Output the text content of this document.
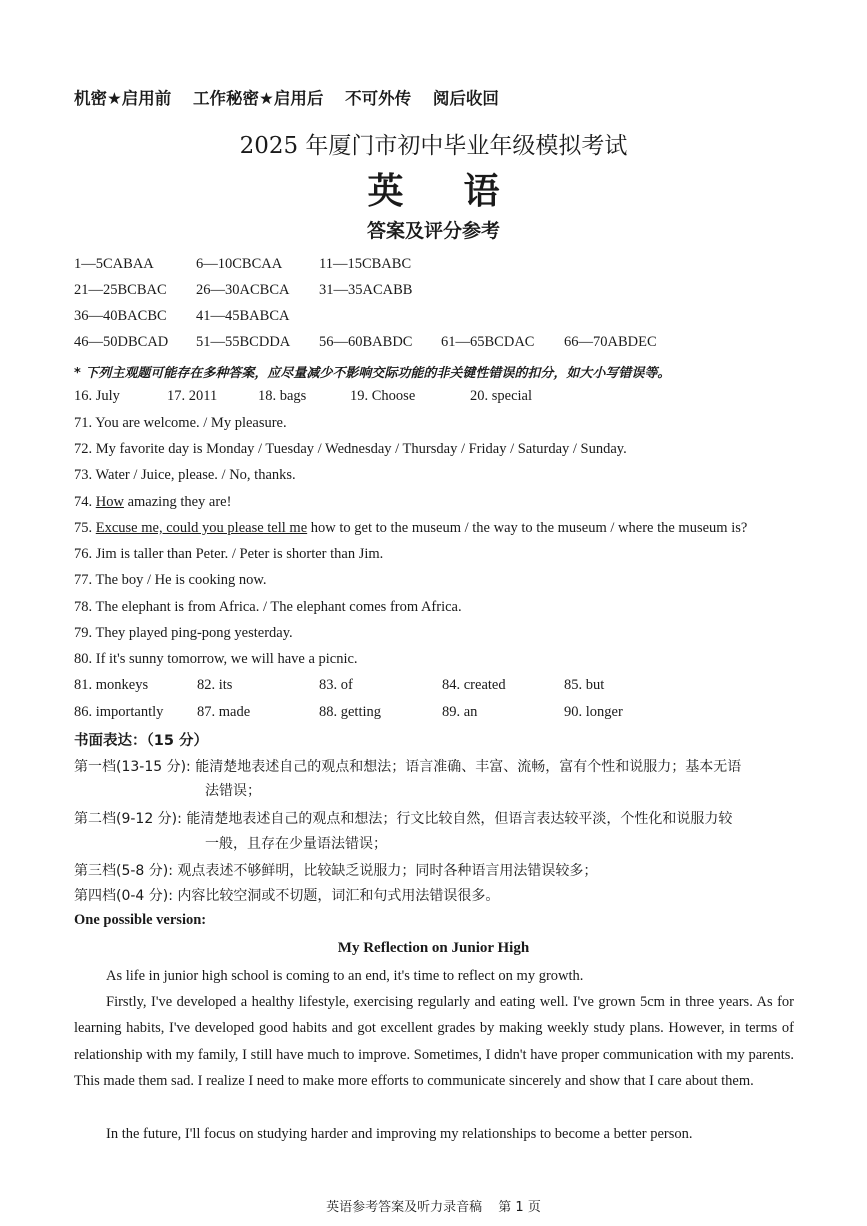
机密★启用前 工作秘密★启用后 不可外传 阅后收回
2025 年厦门市初中毕业年级模拟考试
英语
答案及评分参考
1—5CABAA	6—10CBCAA	11—15CBABC
21—25BCBAC 26—30ACBCA 31—35ACABB
36—40BACBC 41—45BABCA
46—50DBCAD 51—55BCDDA 56—60BABDC 61—65BCDAC 66—70ABDEC
* 下列主观题可能存在多种答案，应尽量减少不影响交际功能的非关键性错误的扣分，如大小写错误等。
16. July	17. 2011	18. bags	19. Choose	20. special
71. You are welcome. / My pleasure.
72. My favorite day is Monday / Tuesday / Wednesday / Thursday / Friday / Saturday / Sunday.
73. Water / Juice, please. / No, thanks.
74. How amazing they are!
75. Excuse me, could you please tell me how to get to the museum / the way to the museum / where the museum is?
76. Jim is taller than Peter. / Peter is shorter than Jim.
77. The boy / He is cooking now.
78. The elephant is from Africa. / The elephant comes from Africa.
79. They played ping-pong yesterday.
80. If it's sunny tomorrow, we will have a picnic.
81. monkeys	82. its	83. of	84. created	85. but
86. importantly 87. made	88. getting	89. an	90. longer
书面表达：（15 分）
第一档(13-15 分): 能清楚地表述自己的观点和想法；语言准确、丰富、流畅，富有个性和说服力；基本无语
法错误；
第二档(9-12 分): 能清楚地表述自己的观点和想法；行文比较自然，但语言表达较平淡，个性化和说服力较
一般，且存在少量语法错误；
第三档(5-8 分): 观点表述不够鲜明，比较缺乏说服力；同时各种语言用法错误较多；
第四档(0-4 分): 内容比较空洞或不切题，词汇和句式用法错误很多。
One possible version:
My Reflection on Junior High
As life in junior high school is coming to an end, it's time to reflect on my growth.
Firstly, I've developed a healthy lifestyle, exercising regularly and eating well. I've grown 5cm in three years. As for learning habits, I've developed good habits and got excellent grades by making weekly study plans. However, in terms of relationship with my family, I still have much to improve. Sometimes, I didn't have proper communication with my parents. This made them sad. I realize I need to make more efforts to communicate sincerely and show that I care about them.
In the future, I'll focus on studying harder and improving my relationships to become a better person.
英语参考答案及听力录音稿 第 1 页
